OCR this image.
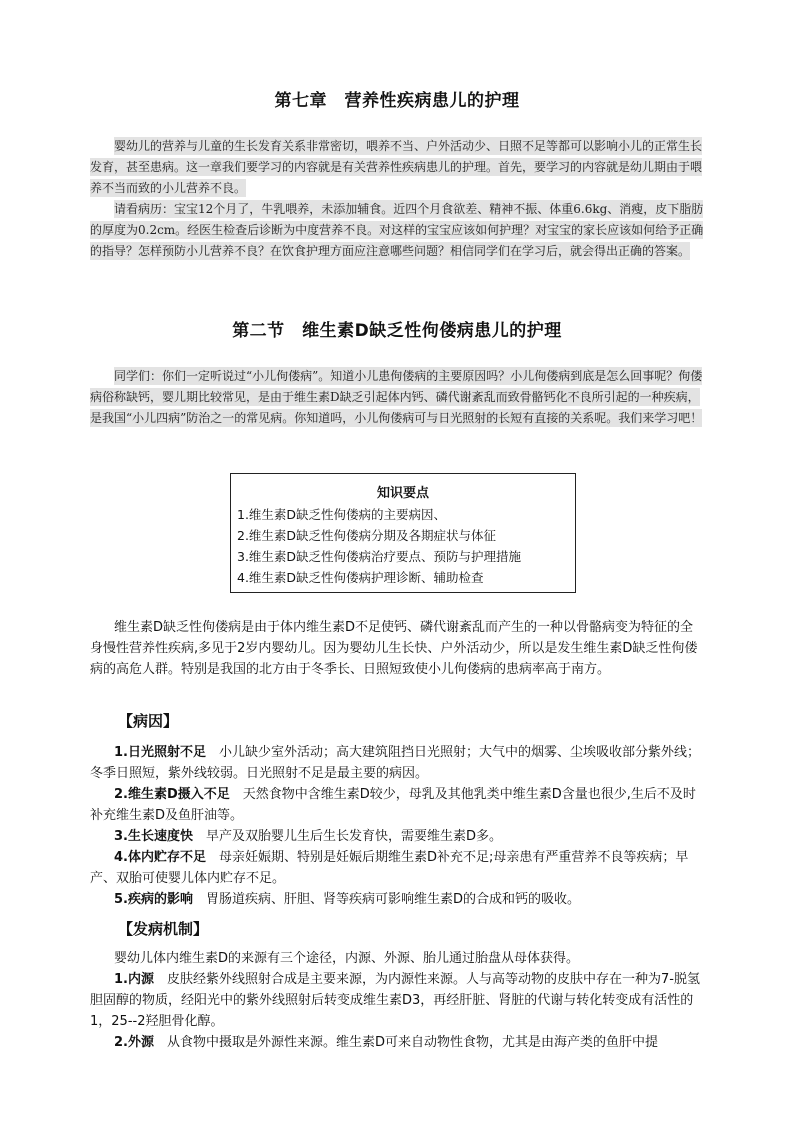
第七章　营养性疾病患儿的护理

婴幼儿的营养与儿童的生长发育关系非常密切，喂养不当、户外活动少、日照不足等都可以影响小儿的正常生长发育，甚至患病。这一章我们要学习的内容就是有关营养性疾病患儿的护理。首先，要学习的内容就是幼儿期由于喂养不当而致的小儿营养不良。

请看病历：宝宝12个月了，牛乳喂养，未添加辅食。近四个月食欲差、精神不振、体重6.6kg、消瘦，皮下脂肪的厚度为0.2cm。经医生检查后诊断为中度营养不良。对这样的宝宝应该如何护理？对宝宝的家长应该如何给予正确的指导？怎样预防小儿营养不良？在饮食护理方面应注意哪些问题？相信同学们在学习后，就会得出正确的答案。

第二节　维生素D缺乏性佝偻病患儿的护理

同学们：你们一定听说过“小儿佝偻病”。知道小儿患佝偻病的主要原因吗？小儿佝偻病到底是怎么回事呢？佝偻病俗称缺钙，婴儿期比较常见，是由于维生素D缺乏引起体内钙、磷代谢紊乱而致骨骼钙化不良所引起的一种疾病，是我国“小儿四病”防治之一的常见病。你知道吗，小儿佝偻病可与日光照射的长短有直接的关系呢。我们来学习吧！

知识要点
1.维生素D缺乏性佝偻病的主要病因、
2.维生素D缺乏性佝偻病分期及各期症状与体征
3.维生素D缺乏性佝偻病治疗要点、预防与护理措施
4.维生素D缺乏性佝偻病护理诊断、辅助检查

维生素D缺乏性佝偻病是由于体内维生素D不足使钙、磷代谢紊乱而产生的一种以骨骼病变为特征的全身慢性营养性疾病,多见于2岁内婴幼儿。因为婴幼儿生长快、户外活动少，所以是发生维生素D缺乏性佝偻病的高危人群。特别是我国的北方由于冬季长、日照短致使小儿佝偻病的患病率高于南方。

【病因】

1.日光照射不足　小儿缺少室外活动；高大建筑阻挡日光照射；大气中的烟雾、尘埃吸收部分紫外线；冬季日照短，紫外线较弱。日光照射不足是最主要的病因。

2.维生素D摄入不足　天然食物中含维生素D较少，母乳及其他乳类中维生素D含量也很少,生后不及时补充维生素D及鱼肝油等。

3.生长速度快　早产及双胎婴儿生后生长发育快，需要维生素D多。

4.体内贮存不足　母亲妊娠期、特别是妊娠后期维生素D补充不足;母亲患有严重营养不良等疾病；早产、双胎可使婴儿体内贮存不足。

5.疾病的影响　胃肠道疾病、肝胆、肾等疾病可影响维生素D的合成和钙的吸收。

【发病机制】

婴幼儿体内维生素D的来源有三个途径，内源、外源、胎儿通过胎盘从母体获得。

1.内源　皮肤经紫外线照射合成是主要来源，为内源性来源。人与高等动物的皮肤中存在一种为7-脱氢胆固醇的物质，经阳光中的紫外线照射后转变成维生素D3，再经肝脏、肾脏的代谢与转化转变成有活性的1，25--2羟胆骨化醇。

2.外源　从食物中摄取是外源性来源。维生素D可来自动物性食物，尤其是由海产类的鱼肝中提
